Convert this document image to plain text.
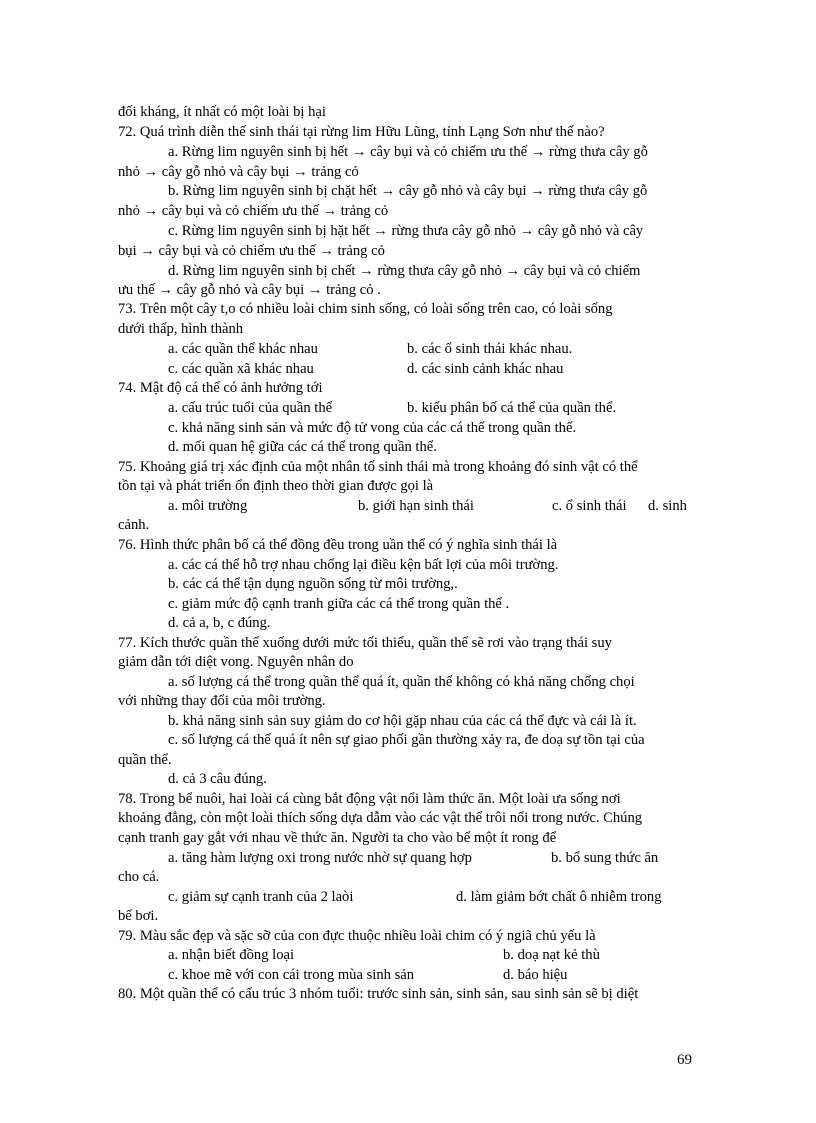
đối kháng, ít nhất có một loài bị hại
72. Quá trình diễn thế sinh thái tại rừng lim Hữu Lũng, tỉnh Lạng Sơn như thế nào?
a. Rừng lim nguyên sinh bị hết → cây bụi và cỏ chiếm ưu thế → rừng thưa cây gỗ
nhỏ → cây gỗ nhỏ và cây bụi → trảng cỏ
b. Rừng lim nguyên sinh bị chặt hết → cây gỗ nhỏ và cây bụi → rừng thưa cây gỗ
nhỏ → cây bụi và cỏ chiếm ưu thế → trảng cỏ
c. Rừng lim nguyên sinh bị hặt hết → rừng thưa cây gỗ nhỏ → cây gỗ nhỏ và cây
bụi → cây bụi và cỏ chiếm ưu thế → trảng cỏ
d. Rừng lim nguyên sinh bị chết → rừng thưa cây gỗ nhỏ → cây bụi và cỏ chiếm
ưu thế → cây gỗ nhỏ và cây bụi → trảng cỏ .
73. Trên một cây t,o có nhiều loài chim sinh sống, có loài sống trên cao, có loài sống
dưới thấp, hình thành
a. các quần thể khác nhau	b. các ổ sinh thái khác nhau.
c. các quần xã khác nhau	d. các sinh cảnh khác nhau
74. Mật độ cá thể có ảnh hưởng tới
a. cấu trúc tuổi của quần thể	b. kiểu phân bố cá thể của quần thể.
c. khả năng sinh sản và mức độ tử vong của các cá thể trong quần thể.
d. mối quan hệ giữa các cá thể trong quần thể.
75. Khoảng giá trị xác định của một nhân tố sinh thái mà trong khoảng đó sinh vật có thể
tồn tại và phát triển ổn định theo thời gian được gọi là
a. môi trường	b. giới hạn sinh thái	c. ổ sinh thái d. sinh
cảnh.
76. Hình thức phân bố cá thể đồng đều trong uần thể có ý nghĩa sinh thái là
a. các cá thể hỗ trợ nhau chống lại điều kện bất lợi của môi trường.
b. các cá thể tận dụng nguồn sống từ môi trường,.
c. giảm mức độ cạnh tranh giữa các cá thể trong quần thể .
d. cả a, b, c đúng.
77. Kích thước quần thể xuống dưới mức tối thiểu, quần thể sẽ rơi vào trạng thái suy
giảm dẫn tới diệt vong. Nguyên nhân do
a. số lượng cá thể trong quần thể quá ít, quần thể không có khả năng chống chọi
với những thay đổi của môi trường.
b. khả năng sinh sản suy giảm do cơ hội gặp nhau của các cá thể đực và cái là ít.
c. số lượng cá thể quá ít nên sự giao phối gần thường xảy ra, đe doạ sự tồn tại của
quần thể.
d. cả 3 câu đúng.
78. Trong bể nuôi, hai loài cá cùng bắt động vật nổi làm thức ăn. Một loài ưa sống nơi
khoảng đẳng, còn một loài thích sống dựa dẫm vào các vật thể trôi nổi trong nước. Chúng
cạnh tranh gay gắt với nhau về thức ăn. Người ta cho vào bể một ít rong để
a. tăng hàm lượng oxi trong nước nhờ sự quang hợp	b. bổ sung thức ăn
cho cá.
c. giảm sự cạnh tranh của 2 laòi	d. làm giảm bớt chất ô nhiễm trong
bể bơi.
79. Màu sắc đẹp và sặc sỡ của con đực thuộc nhiều loài chim có ý ngiã chủ yếu là
a. nhận biết đồng loại	b. doạ nạt kẻ thù
c. khoe mẽ với con cái trong mùa sinh sản	d. báo hiệu
80. Một quần thể có cấu trúc 3 nhóm tuổi: trước sinh sản, sinh sản, sau sinh sản sẽ bị diệt
69
